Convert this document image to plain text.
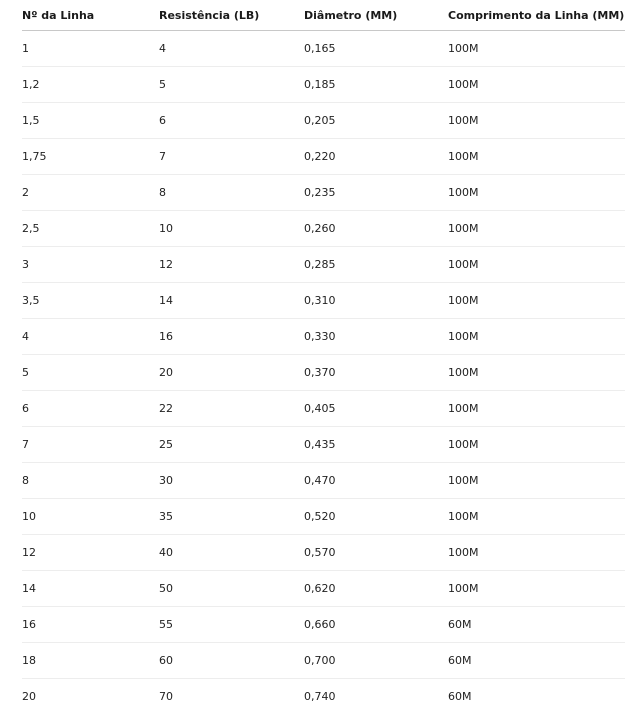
Nº da Linha	Resistência (LB)	Diâmetro (MM)	Comprimento da Linha (MM)
1	4	0,165	100M
1,2	5	0,185	100M
1,5	6	0,205	100M
1,75	7	0,220	100M
2	8	0,235	100M
2,5	10	0,260	100M
3	12	0,285	100M
3,5	14	0,310	100M
4	16	0,330	100M
5	20	0,370	100M
6	22	0,405	100M
7	25	0,435	100M
8	30	0,470	100M
10	35	0,520	100M
12	40	0,570	100M
14	50	0,620	100M
16	55	0,660	60M
18	60	0,700	60M
20	70	0,740	60M
